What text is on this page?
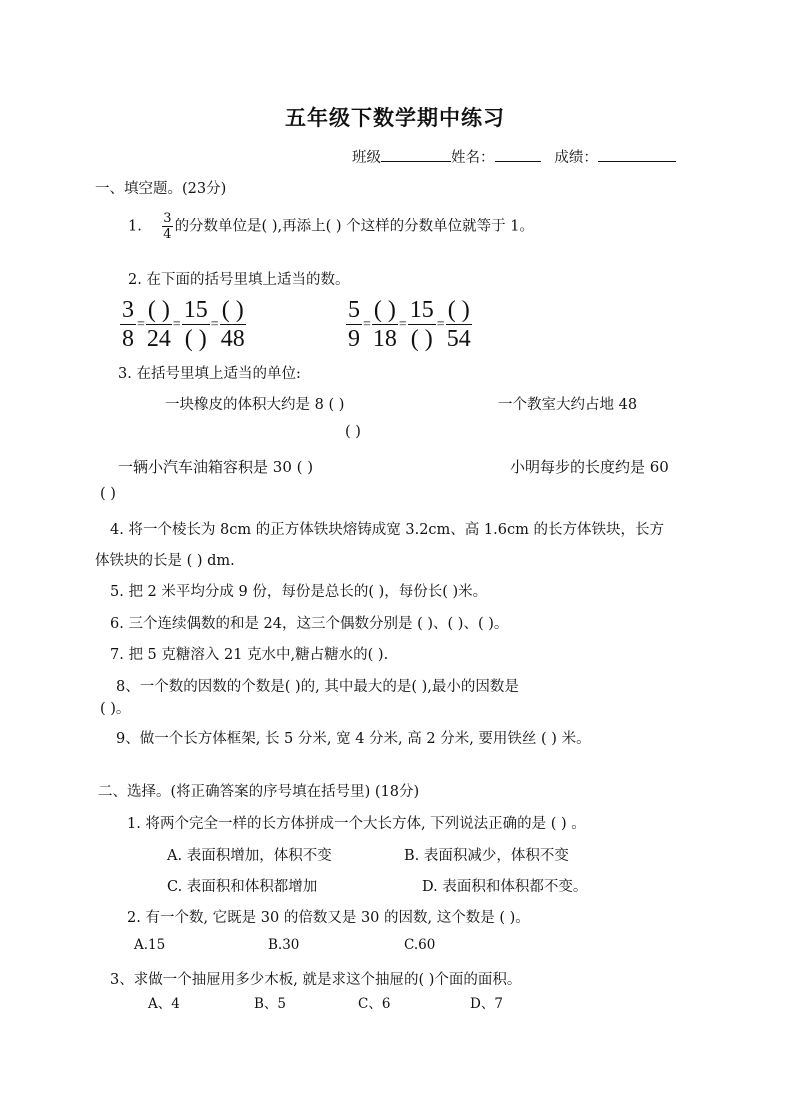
五年级下数学期中练习
班级	姓名：	成绩：
一、填空题。(23分)
1. $\frac{3}{4}$ 的分数单位是( ),再添上( ) 个这样的分数单位就等于 1。
2. 在下面的括号里填上适当的数。
$\frac{3}{8}$ =
( )
24
=
15
( )
=
( )
48	$\frac{5}{9}$ =
( )
18
=
15
( )
=
( )
54
3. 在括号里填上适当的单位:
一块橡皮的体积大约是 8 ( )	一个教室大约占地 48
( )
一辆小汽车油箱容积是 30 ( )	小明每步的长度约是 60
( )
4. 将一个棱长为 8cm 的正方体铁块熔铸成宽 3.2cm、高 1.6cm 的长方体铁块，长方
体铁块的长是 ( ) dm.
5. 把 2 米平均分成 9 份，每份是总长的( )，每份长( )米。
6. 三个连续偶数的和是 24，这三个偶数分别是 ( )、( )、( )。
7. 把 5 克糖溶入 21 克水中,糖占糖水的( ).
8、一个数的因数的个数是( )的, 其中最大的是( ),最小的因数是
( )。
9、做一个长方体框架, 长 5 分米, 宽 4 分米, 高 2 分米, 要用铁丝 ( ) 米。
二、选择。(将正确答案的序号填在括号里) (18分)
1. 将两个完全一样的长方体拼成一个大长方体, 下列说法正确的是 ( ) 。
A. 表面积增加，体积不变	B. 表面积减少，体积不变
C. 表面积和体积都增加	D. 表面积和体积都不变。
2. 有一个数, 它既是 30 的倍数又是 30 的因数, 这个数是 ( )。
A.15	B.30	C.60
3、求做一个抽屉用多少木板, 就是求这个抽屉的( )个面的面积。
A、4	B、5	C、6	D、7
